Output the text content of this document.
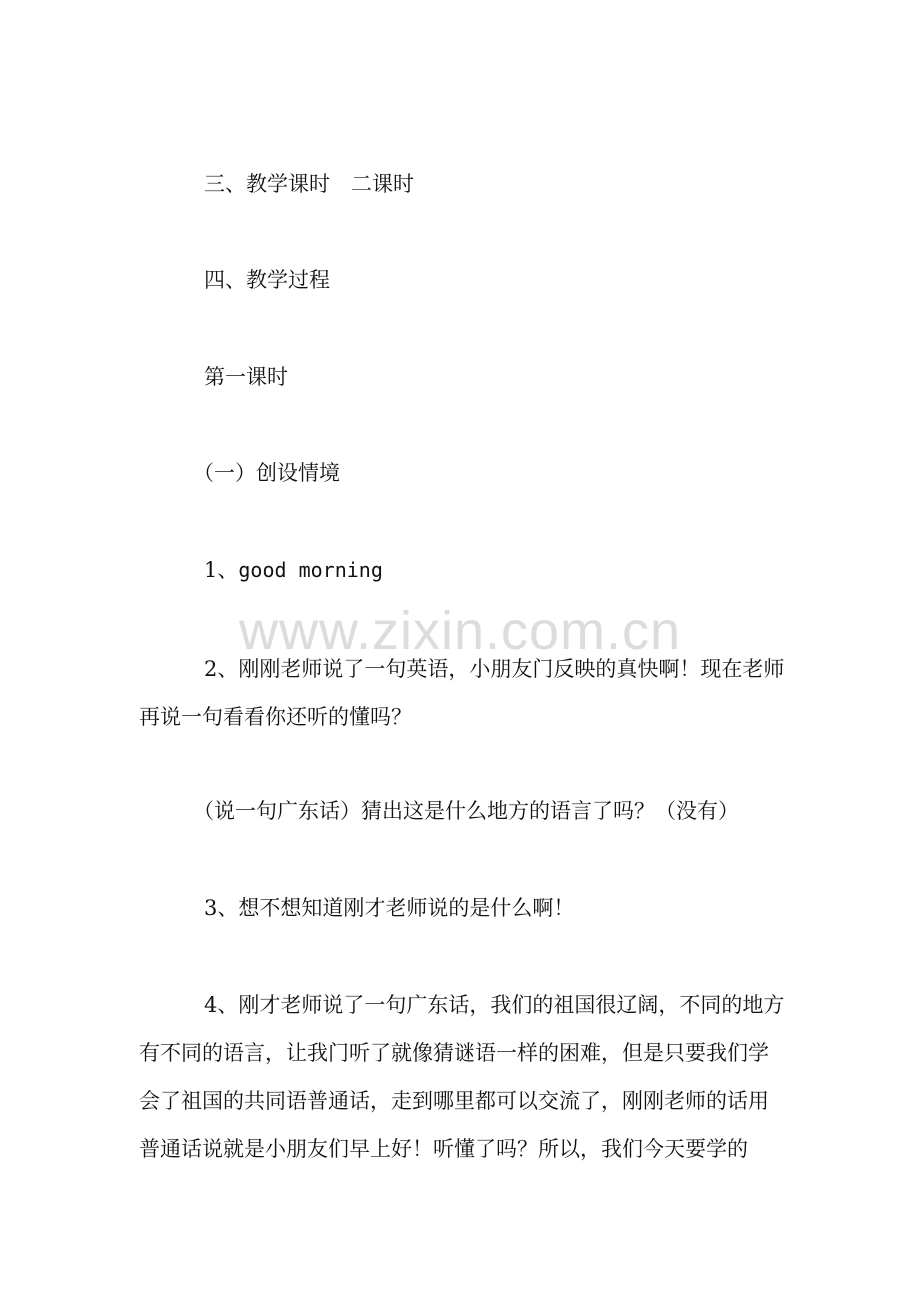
三、教学课时　二课时
四、教学过程
第一课时
（一）创设情境
1、good morning
2、刚刚老师说了一句英语，小朋友门反映的真快啊！现在老师再说一句看看你还听的懂吗？
（说一句广东话）猜出这是什么地方的语言了吗？（没有）
3、想不想知道刚才老师说的是什么啊！
4、刚才老师说了一句广东话，我们的祖国很辽阔，不同的地方有不同的语言，让我门听了就像猜谜语一样的困难，但是只要我们学会了祖国的共同语普通话，走到哪里都可以交流了，刚刚老师的话用普通话说就是小朋友们早上好！听懂了吗？所以，我们今天要学的
www.zixin.com.cn
